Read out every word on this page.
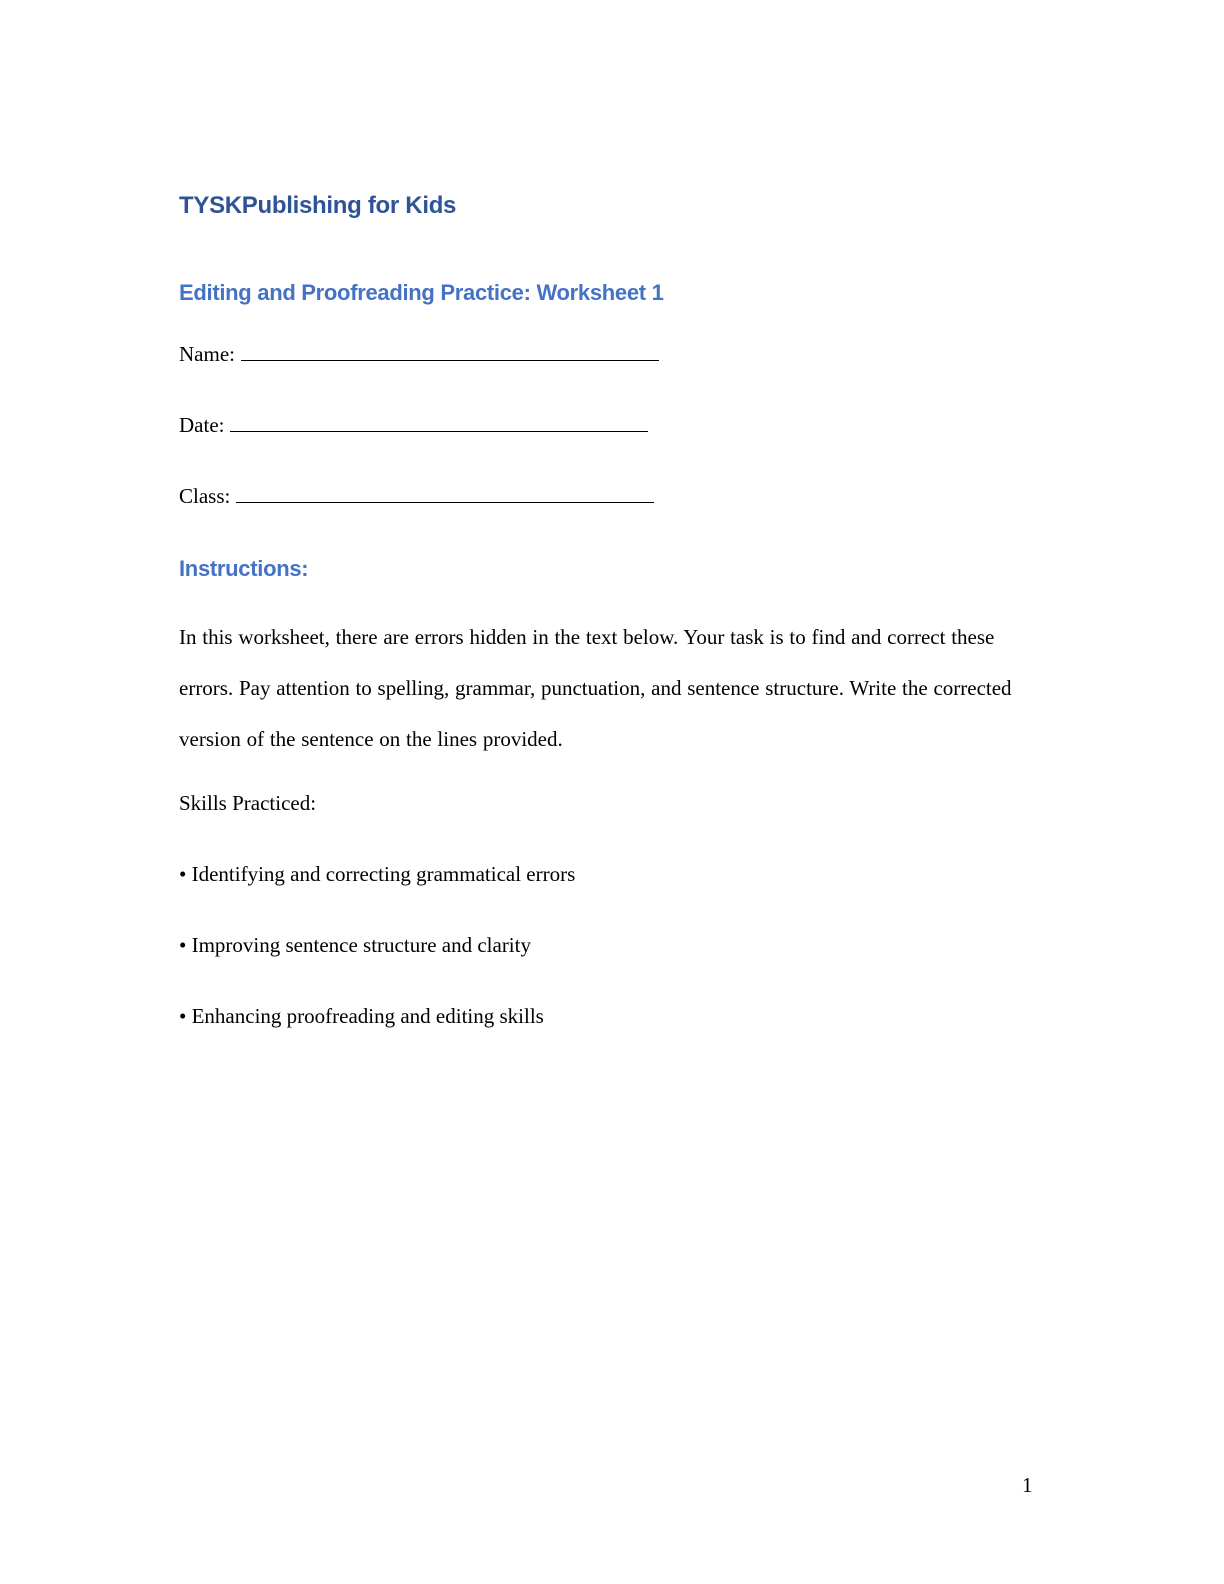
TYSKPublishing for Kids
Editing and Proofreading Practice: Worksheet 1
Name:
Date:
Class:
Instructions:

In this worksheet, there are errors hidden in the text below. Your task is to find and correct these errors. Pay attention to spelling, grammar, punctuation, and sentence structure. Write the corrected version of the sentence on the lines provided.

Skills Practiced:
• Identifying and correcting grammatical errors
• Improving sentence structure and clarity
• Enhancing proofreading and editing skills
1
